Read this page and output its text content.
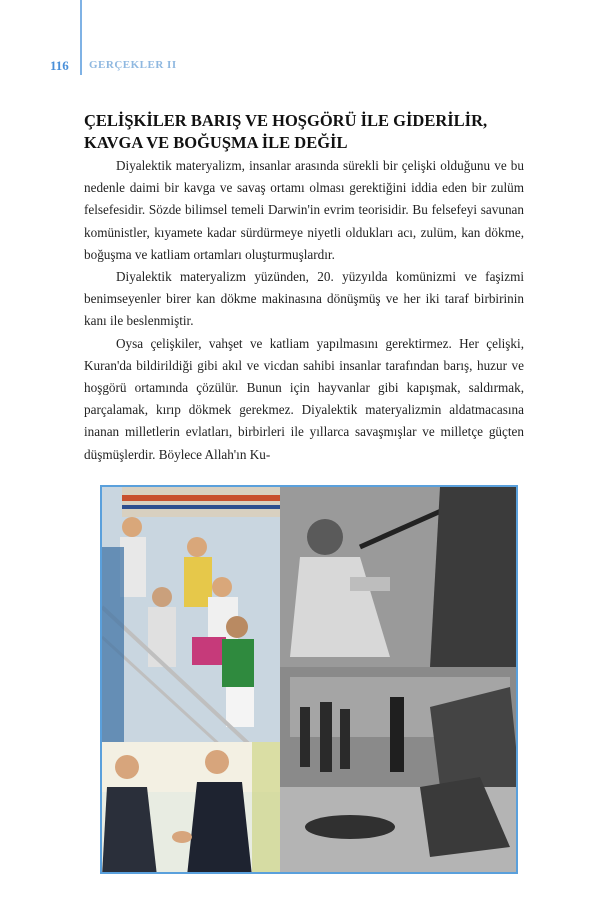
116 GERÇEKLER II
ÇELİŞKİLER BARIŞ VE HOŞGÖRÜ İLE GİDERİLİR, KAVGA VE BOĞUŞMA İLE DEĞİL

Diyalektik materyalizm, insanlar arasında sürekli bir çelişki olduğunu ve bu nedenle daimi bir kavga ve savaş ortamı olması gerektiğini iddia eden bir zulüm felsefesidir. Sözde bilimsel temeli Darwin'in evrim teorisidir. Bu felsefeyi savunan komünistler, kıyamete kadar sürdürmeye niyetli oldukları acı, zulüm, kan dökme, boğuşma ve katliam ortamları oluşturmuşlardır.

Diyalektik materyalizm yüzünden, 20. yüzyılda komünizmi ve faşizmi benimseyenler birer kan dökme makinasına dönüşmüş ve her iki taraf birbirinin kanı ile beslenmiştir.

Oysa çelişkiler, vahşet ve katliam yapılmasını gerektirmez. Her çelişki, Kuran'da bildirildiği gibi akıl ve vicdan sahibi insanlar tarafından barış, huzur ve hoşgörü ortamında çözülür. Bunun için hayvanlar gibi kapışmak, saldırmak, parçalamak, kırıp dökmek gerekmez. Diyalektik materyalizmin aldatmacasına inanan milletlerin evlatları, birbirleri ile yıllarca savaşmışlar ve milletçe güçten düşmüşlerdir. Böylece Allah'ın Ku-
